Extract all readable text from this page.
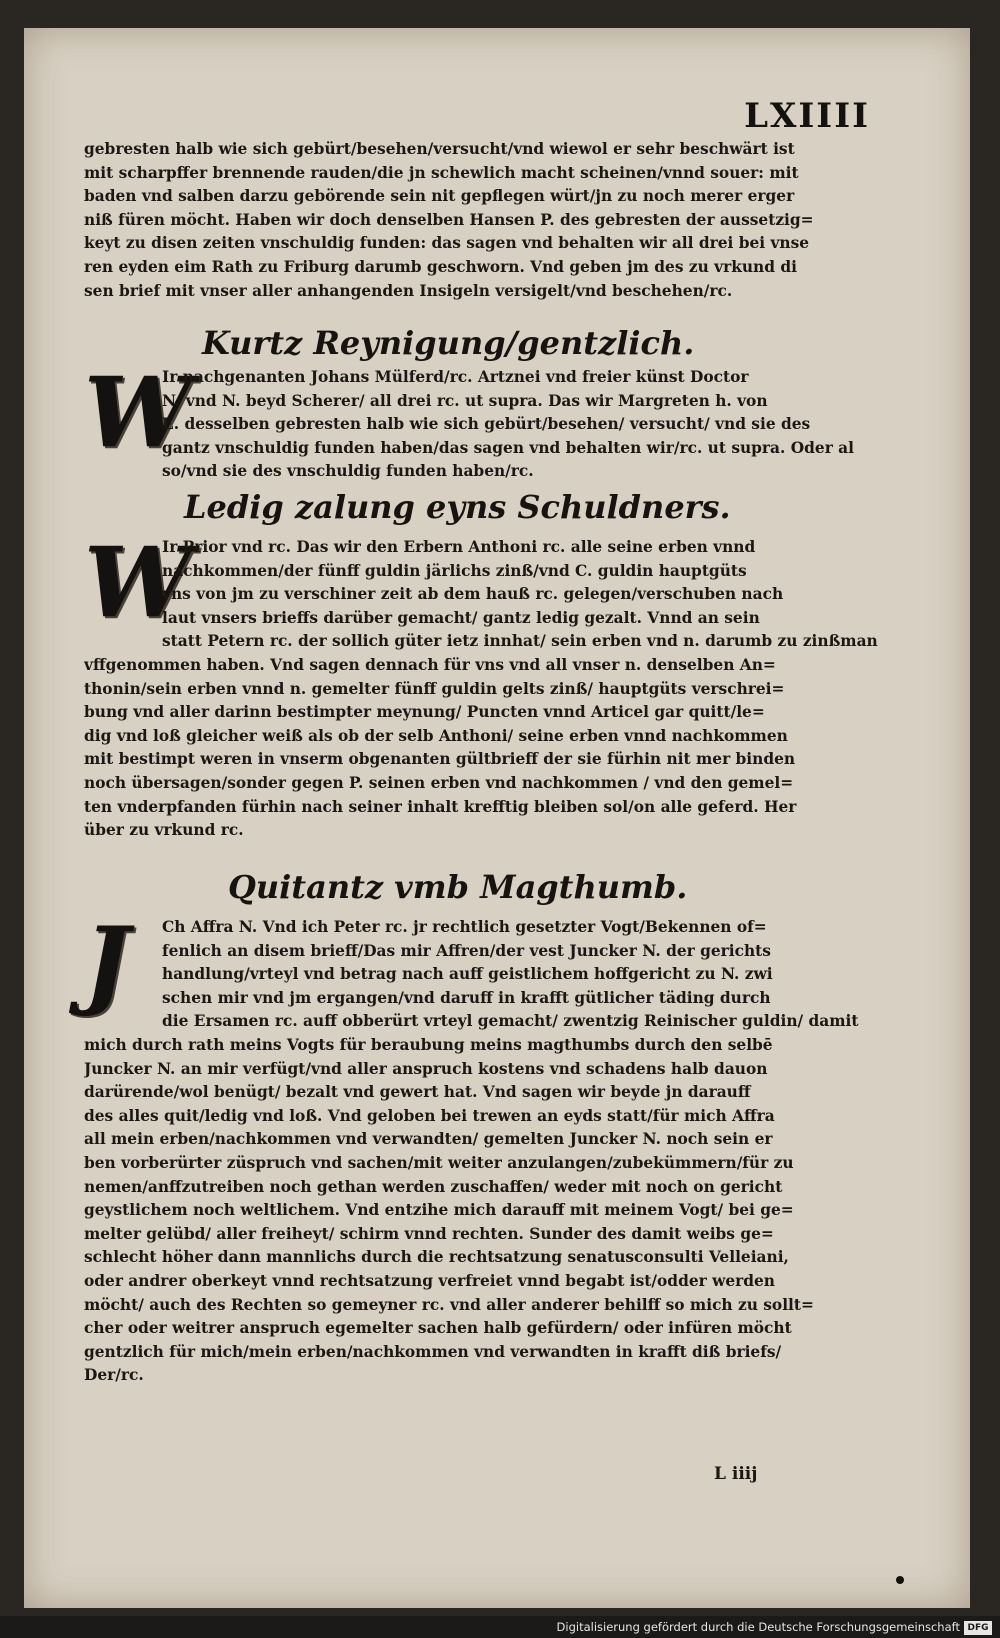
LXIIII
gebresten halb wie sich gebürt/besehen/versucht/vnd wiewol er sehr beschwärt ist
mit scharpffer brennende rauden/die jn schewlich macht scheinen/vnnd souer: mit
baden vnd salben darzu gebörende sein nit gepflegen würt/jn zu noch merer erger
niß füren möcht. Haben wir doch denselben Hansen P. des gebresten der aussetzig=
keyt zu disen zeiten vnschuldig funden: das sagen vnd behalten wir all drei bei vnse
ren eyden eim Rath zu Friburg darumb geschworn. Vnd geben jm des zu vrkund di
sen brief mit vnser aller anhangenden Insigeln versigelt/vnd beschehen/rc.
Kurtz Reynigung/gentzlich.
W
Ir nachgenanten Johans Mülferd/rc. Artznei vnd freier künst Doctor
N. vnd N. beyd Scherer/ all drei rc. ut supra. Das wir Margreten h. von
E. desselben gebresten halb wie sich gebürt/besehen/ versucht/ vnd sie des
gantz vnschuldig funden haben/das sagen vnd behalten wir/rc. ut supra. Oder al
so/vnd sie des vnschuldig funden haben/rc.
Ledig zalung eyns Schuldners.
W
Ir Prior vnd rc. Das wir den Erbern Anthoni rc. alle seine erben vnnd
nachkommen/der fünff guldin järlichs zinß/vnd C. guldin hauptgüts
vns von jm zu verschiner zeit ab dem hauß rc. gelegen/verschuben nach
laut vnsers brieffs darüber gemacht/ gantz ledig gezalt. Vnnd an sein
statt Petern rc. der sollich güter ietz innhat/ sein erben vnd n. darumb zu zinßman
vffgenommen haben. Vnd sagen dennach für vns vnd all vnser n. denselben An=
thonin/sein erben vnnd n. gemelter fünff guldin gelts zinß/ hauptgüts verschrei=
bung vnd aller darinn bestimpter meynung/ Puncten vnnd Articel gar quitt/le=
dig vnd loß gleicher weiß als ob der selb Anthoni/ seine erben vnnd nachkommen
mit bestimpt weren in vnserm obgenanten gültbrieff der sie fürhin nit mer binden
noch übersagen/sonder gegen P. seinen erben vnd nachkommen / vnd den gemel=
ten vnderpfanden fürhin nach seiner inhalt krefftig bleiben sol/on alle geferd. Her
über zu vrkund rc.
Quitantz vmb Magthumb.
J	Ch Affra N. Vnd ich Peter rc. jr rechtlich gesetzter Vogt/Bekennen of=
fenlich an disem brieff/Das mir Affren/der vest Juncker N. der gerichts
handlung/vrteyl vnd betrag nach auff geistlichem hoffgericht zu N. zwi
schen mir vnd jm ergangen/vnd daruff in krafft gütlicher täding durch
die Ersamen rc. auff obberürt vrteyl gemacht/ zwentzig Reinischer guldin/ damit
mich durch rath meins Vogts für beraubung meins magthumbs durch den selbē
Juncker N. an mir verfügt/vnd aller anspruch kostens vnd schadens halb dauon
darürende/wol benügt/ bezalt vnd gewert hat. Vnd sagen wir beyde jn darauff
des alles quit/ledig vnd loß. Vnd geloben bei trewen an eyds statt/für mich Affra
all mein erben/nachkommen vnd verwandten/ gemelten Juncker N. noch sein er
ben vorberürter züspruch vnd sachen/mit weiter anzulangen/zubekümmern/für zu
nemen/anffzutreiben noch gethan werden zuschaffen/ weder mit noch on gericht
geystlichem noch weltlichem. Vnd entzihe mich darauff mit meinem Vogt/ bei ge=
melter gelübd/ aller freiheyt/ schirm vnnd rechten. Sunder des damit weibs ge=
schlecht höher dann mannlichs durch die rechtsatzung senatusconsulti Velleiani,
oder andrer oberkeyt vnnd rechtsatzung verfreiet vnnd begabt ist/odder werden
möcht/ auch des Rechten so gemeyner rc. vnd aller anderer behilff so mich zu sollt=
cher oder weitrer anspruch egemelter sachen halb gefürdern/ oder infüren möcht
gentzlich für mich/mein erben/nachkommen vnd verwandten in krafft diß briefs/
Der/rc.
L iiij
Digitalisierung gefördert durch die Deutsche Forschungsgemeinschaft DFG
